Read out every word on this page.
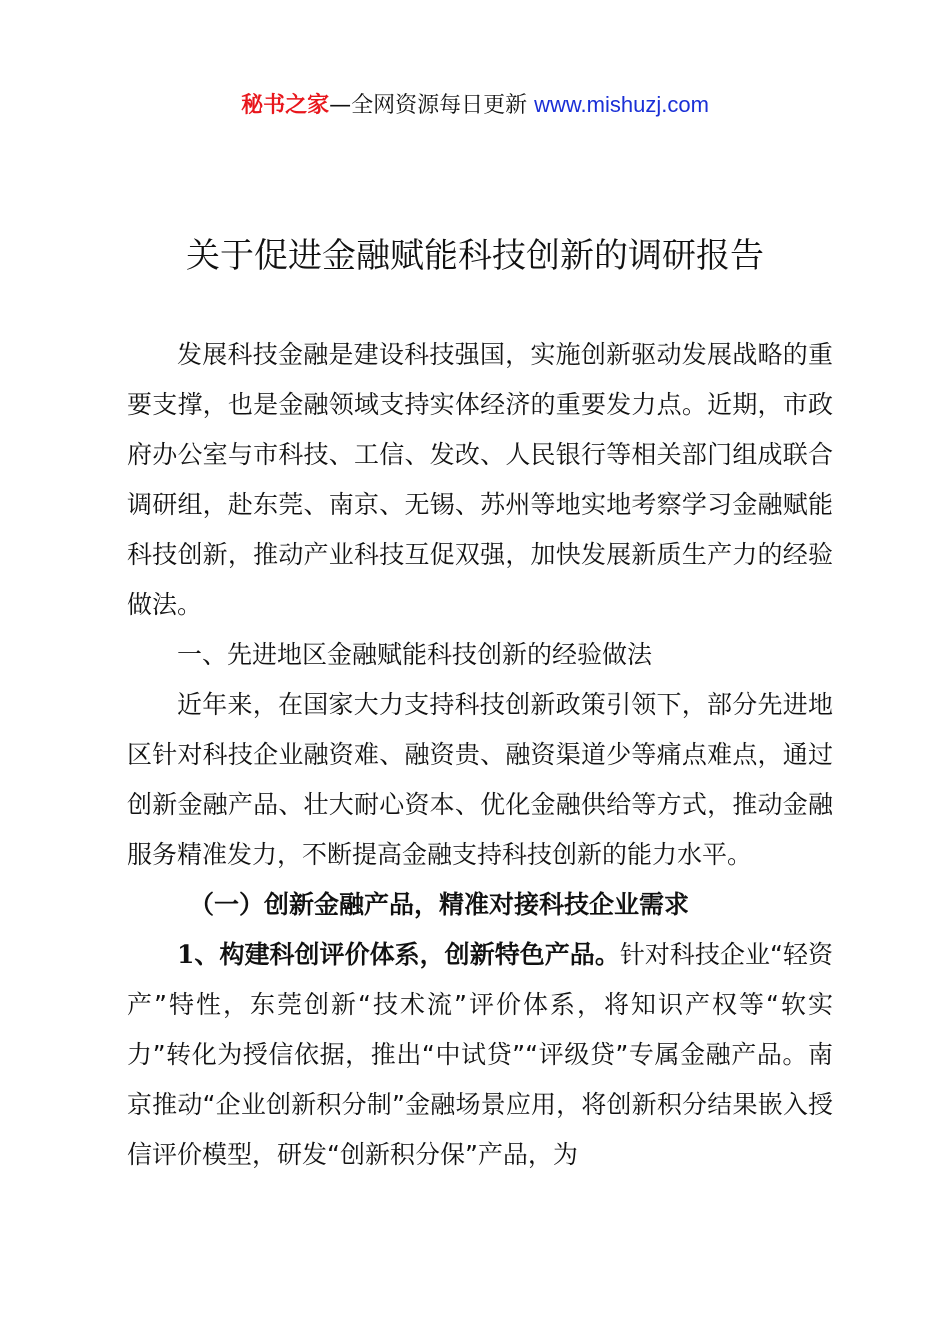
秘书之家—全网资源每日更新 www.mishuzj.com
关于促进金融赋能科技创新的调研报告

发展科技金融是建设科技强国，实施创新驱动发展战略的重要支撑，也是金融领域支持实体经济的重要发力点。近期，市政府办公室与市科技、工信、发改、人民银行等相关部门组成联合调研组，赴东莞、南京、无锡、苏州等地实地考察学习金融赋能科技创新，推动产业科技互促双强，加快发展新质生产力的经验做法。

一、先进地区金融赋能科技创新的经验做法

近年来，在国家大力支持科技创新政策引领下，部分先进地区针对科技企业融资难、融资贵、融资渠道少等痛点难点，通过创新金融产品、壮大耐心资本、优化金融供给等方式，推动金融服务精准发力，不断提高金融支持科技创新的能力水平。

（一）创新金融产品，精准对接科技企业需求

1、构建科创评价体系，创新特色产品。针对科技企业“轻资产”特性，东莞创新“技术流”评价体系，将知识产权等“软实力”转化为授信依据，推出“中试贷”“评级贷”专属金融产品。南京推动“企业创新积分制”金融场景应用，将创新积分结果嵌入授信评价模型，研发“创新积分保”产品，为
